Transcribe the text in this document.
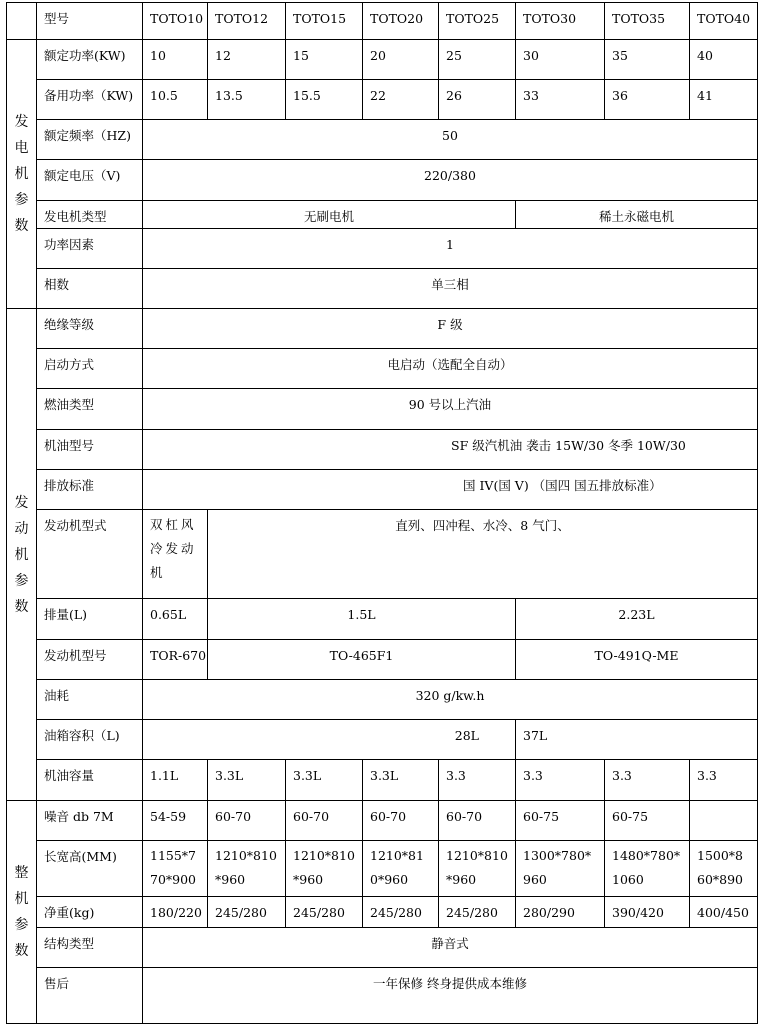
	型号	TOTO10	TOTO12	TOTO15	TOTO20	TOTO25	TOTO30	TOTO35	TOTO40
发电机参数	额定功率(KW)	10	12	15	20	25	30	35	40
	备用功率（KW)	10.5	13.5	15.5	22	26	33	36	41
	额定频率（HZ)	50							
	额定电压（V)	220/380							
	发电机类型	无刷电机					稀土永磁电机		
	功率因素	1							
	相数	单三相							
发动机参数	绝缘等级	F 级							
	启动方式	电启动（选配全自动）							
	燃油类型	90 号以上汽油							
	机油型号	SF 级汽机油 袭击 15W/30 冬季 10W/30							
	排放标准	国 IV(国 V) （国四 国五排放标准）							
	发动机型式	双杠风冷发动机	直列、四冲程、水冷、8 气门、						
	排量(L)	0.65L	1.5L				2.23L		
	发动机型号	TOR-670	TO-465F1				TO-491Q-ME		
	油耗	320 g/kw.h							
	油箱容积（L)	28L					37L		
	机油容量	1.1L	3.3L	3.3L	3.3L	3.3	3.3	3.3	3.3
整机参数	噪音 db 7M	54-59	60-70	60-70	60-70	60-70	60-75	60-75	
	长宽高(MM)	1155*770*900	1210*810*960	1210*810*960	1210*810*960	1210*810*960	1300*780*960	1480*780*1060	1500*860*890
	净重(kg)	180/220	245/280	245/280	245/280	245/280	280/290	390/420	400/450
	结构类型	静音式							
	售后	一年保修 终身提供成本维修							
